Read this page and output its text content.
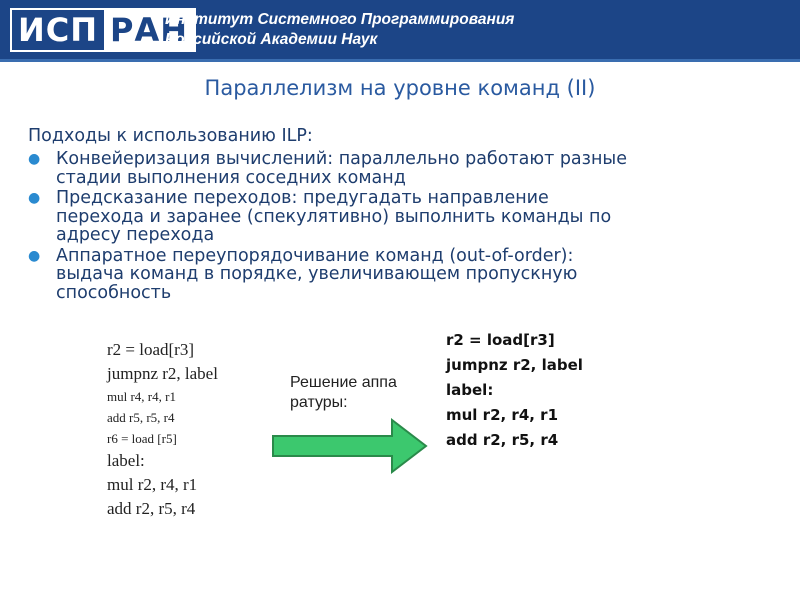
ИСП РАН
Институт Системного Программирования
Российской Академии Наук
Параллелизм на уровне команд (II)
Подходы к использованию ILP:
● Конвейеризация вычислений: параллельно работают разные
стадии выполнения соседних команд
● Предсказание переходов: предугадать направление
перехода и заранее (спекулятивно) выполнить команды по
адресу перехода
● Аппаратное переупорядочивание команд (out-of-order):
выдача команд в порядке, увеличивающем пропускную
способность
r2 = load[r3]
jumpnz r2, label
mul r4, r4, r1
add r5, r5, r4
r6 = load [r5]
label:
mul r2, r4, r1
add r2, r5, r4
Решение аппаратуры:
r2 = load[r3]
jumpnz r2, label
label:
mul r2, r4, r1
add r2, r5, r4
